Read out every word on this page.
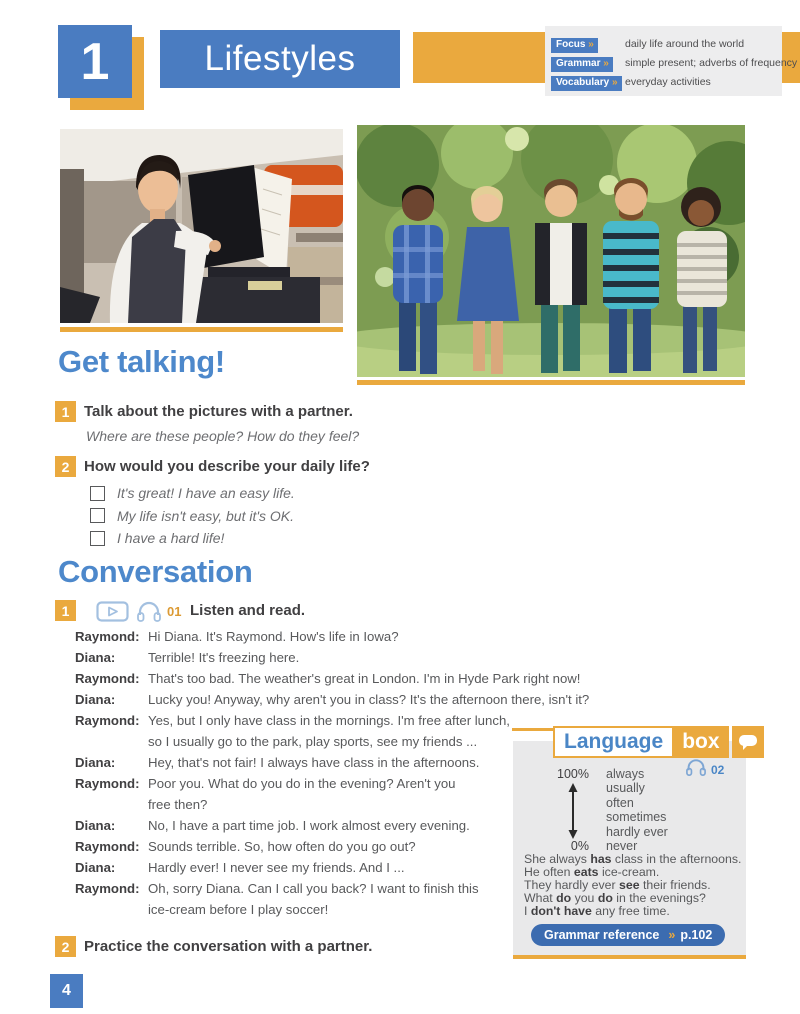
1	Lifestyles	Focus »	daily life around the world
Grammar »	simple present; adverbs of frequency
Vocabulary » everyday activities
Get talking!
1 Talk about the pictures with a partner.
Where are these people? How do they feel?
2 How would you describe your daily life?
It's great! I have an easy life.
My life isn't easy, but it's OK.
I have a hard life!
Conversation
1	01 Listen and read.
Raymond: Hi Diana. It's Raymond. How's life in Iowa?
Diana:	Terrible! It's freezing here.
Raymond: That's too bad. The weather's great in London. I'm in Hyde Park right now!
Diana:	Lucky you! Anyway, why aren't you in class? It's the afternoon there, isn't it?
Raymond: Yes, but I only have class in the mornings. I'm free after lunch,
so I usually go to the park, play sports, see my friends ...
Diana:	Hey, that's not fair! I always have class in the afternoons.
Raymond: Poor you. What do you do in the evening? Aren't you
free then?
Diana:	No, I have a part time job. I work almost every evening.
Raymond: Sounds terrible. So, how often do you go out?
Diana:	Hardly ever! I never see my friends. And I ...
Raymond: Oh, sorry Diana. Can I call you back? I want to finish this
ice-cream before I play soccer!
2 Practice the conversation with a partner.
02
100%
0%
always
usually
often
sometimes
hardly ever
never
She always has class in the afternoons.
He often eats ice-cream.
They hardly ever see their friends.
What do you do in the evenings?
I don't have any free time.
Language box
Grammar reference » p.102
4
